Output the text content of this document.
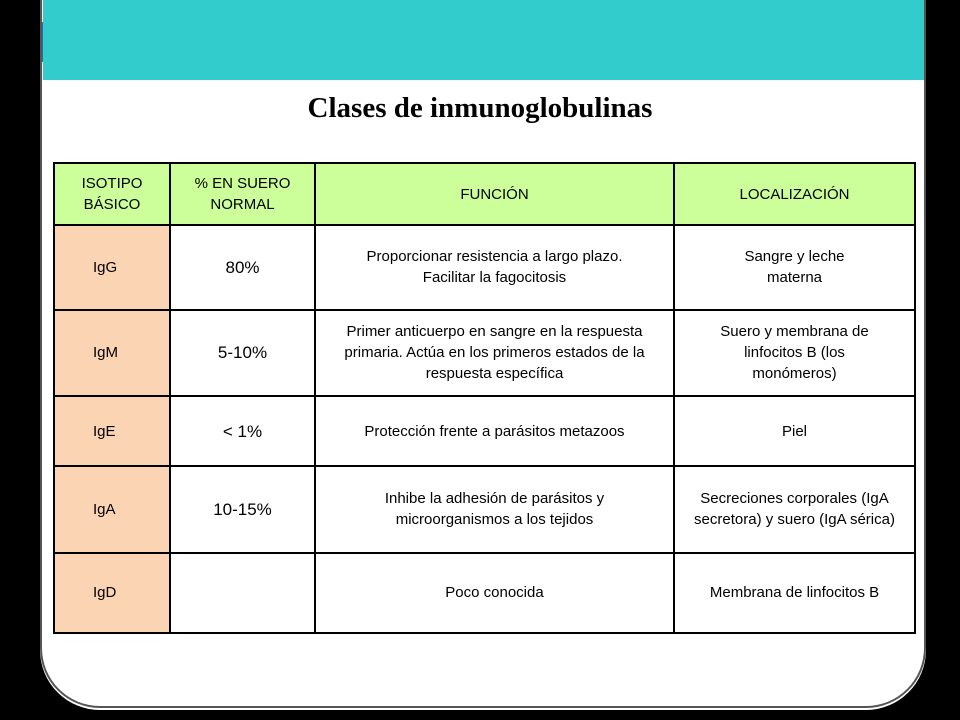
Clases de inmunoglobulinas
ISOTIPO BÁSICO	% EN SUERO NORMAL	FUNCIÓN	LOCALIZACIÓN
IgG	80%	Proporcionar resistencia a largo plazo. Facilitar la fagocitosis	Sangre y leche materna
IgM	5-10%	Primer anticuerpo en sangre en la respuesta primaria. Actúa en los primeros estados de la respuesta específica	Suero y membrana de linfocitos B (los monómeros)
IgE	< 1%	Protección frente a parásitos metazoos	Piel
IgA	10-15%	Inhibe la adhesión de parásitos y microorganismos a los tejidos	Secreciones corporales (IgA secretora) y suero (IgA sérica)
IgD		Poco conocida	Membrana de linfocitos B
